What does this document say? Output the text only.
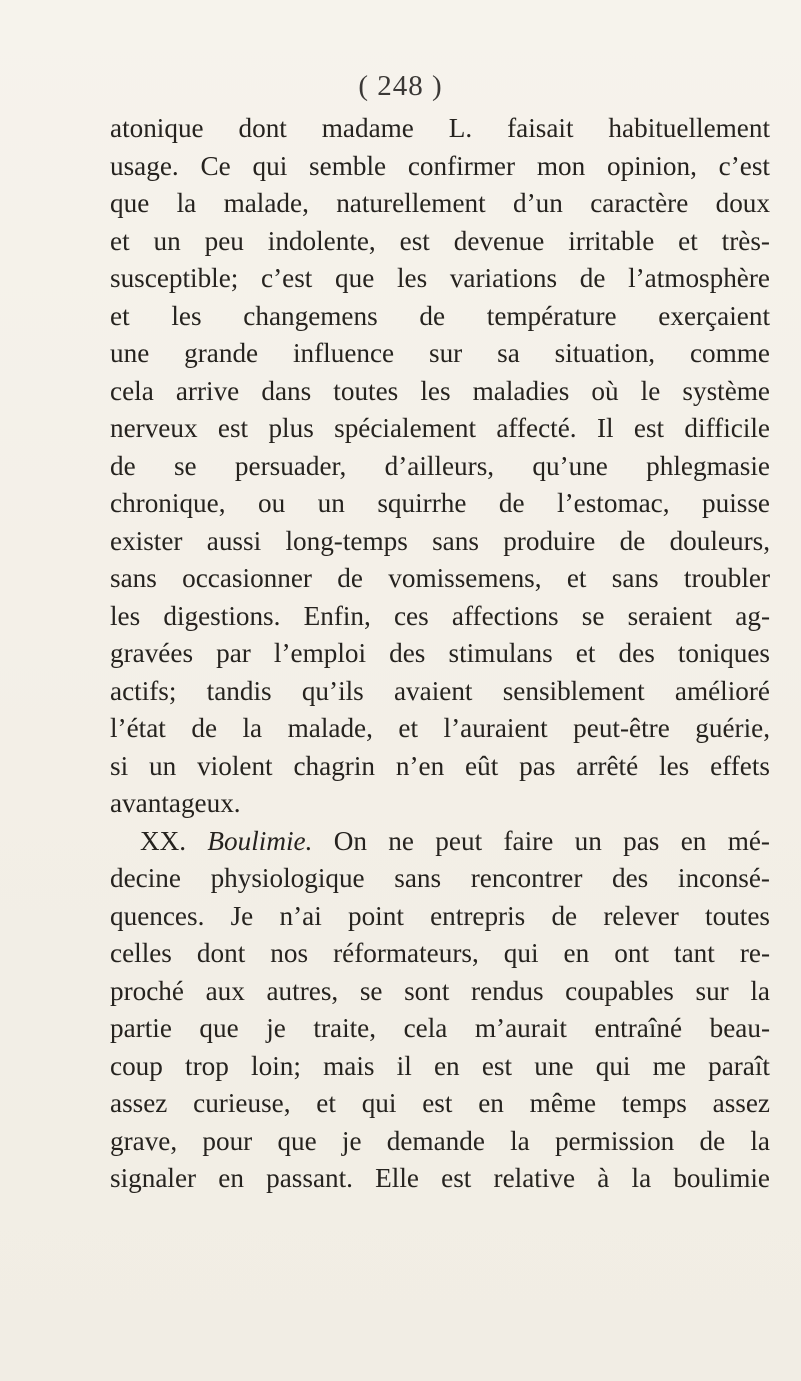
( 248 )
atonique dont madame L. faisait habituellement
usage. Ce qui semble confirmer mon opinion, c’est
que la malade, naturellement d’un caractère doux
et un peu indolente, est devenue irritable et très-
susceptible; c’est que les variations de l’atmosphère
et les changemens de température exerçaient
une grande influence sur sa situation, comme
cela arrive dans toutes les maladies où le système
nerveux est plus spécialement affecté. Il est difficile
de se persuader, d’ailleurs, qu’une phlegmasie
chronique, ou un squirrhe de l’estomac, puisse
exister aussi long-temps sans produire de douleurs,
sans occasionner de vomissemens, et sans troubler
les digestions. Enfin, ces affections se seraient ag-
gravées par l’emploi des stimulans et des toniques
actifs; tandis qu’ils avaient sensiblement amélioré
l’état de la malade, et l’auraient peut-être guérie,
si un violent chagrin n’en eût pas arrêté les effets
avantageux.
XX. Boulimie. On ne peut faire un pas en mé-
decine physiologique sans rencontrer des inconsé-
quences. Je n’ai point entrepris de relever toutes
celles dont nos réformateurs, qui en ont tant re-
proché aux autres, se sont rendus coupables sur la
partie que je traite, cela m’aurait entraîné beau-
coup trop loin; mais il en est une qui me paraît
assez curieuse, et qui est en même temps assez
grave, pour que je demande la permission de la
signaler en passant. Elle est relative à la boulimie
